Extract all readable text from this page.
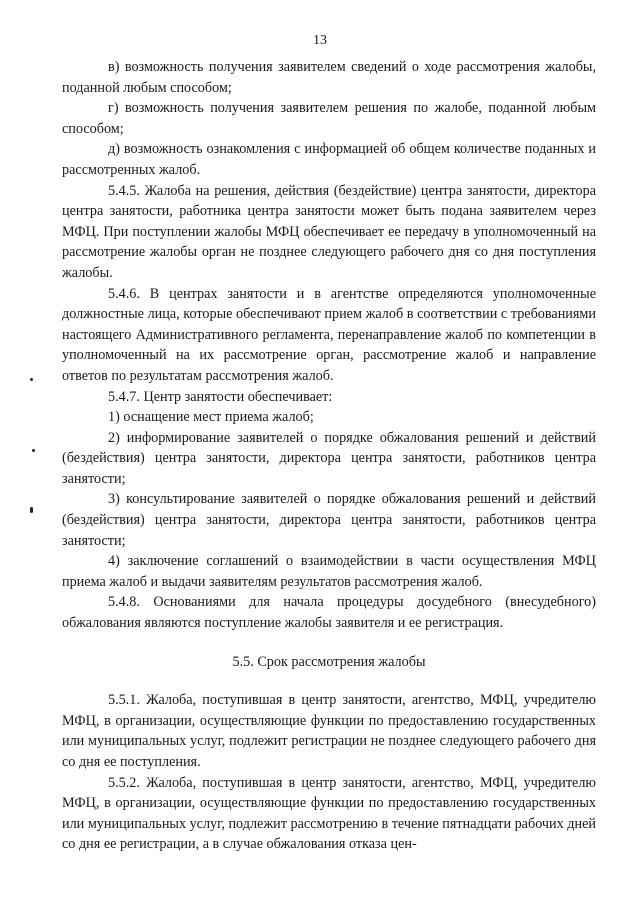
13

в) возможность получения заявителем сведений о ходе рассмотрения жалобы, поданной любым способом;

г) возможность получения заявителем решения по жалобе, поданной любым способом;

д) возможность ознакомления с информацией об общем количестве поданных и рассмотренных жалоб.

5.4.5. Жалоба на решения, действия (бездействие) центра занятости, директора центра занятости, работника центра занятости может быть подана заявителем через МФЦ. При поступлении жалобы МФЦ обеспечивает ее передачу в уполномоченный на рассмотрение жалобы орган не позднее следующего рабочего дня со дня поступления жалобы.

5.4.6. В центрах занятости и в агентстве определяются уполномоченные должностные лица, которые обеспечивают прием жалоб в соответствии с требованиями настоящего Административного регламента, перенаправление жалоб по компетенции в уполномоченный на их рассмотрение орган, рассмотрение жалоб и направление ответов по результатам рассмотрения жалоб.

5.4.7. Центр занятости обеспечивает:

1) оснащение мест приема жалоб;

2) информирование заявителей о порядке обжалования решений и действий (бездействия) центра занятости, директора центра занятости, работников центра занятости;

3) консультирование заявителей о порядке обжалования решений и действий (бездействия) центра занятости, директора центра занятости, работников центра занятости;

4) заключение соглашений о взаимодействии в части осуществления МФЦ приема жалоб и выдачи заявителям результатов рассмотрения жалоб.

5.4.8. Основаниями для начала процедуры досудебного (внесудебного) обжалования являются поступление жалобы заявителя и ее регистрация.

5.5. Срок рассмотрения жалобы

5.5.1. Жалоба, поступившая в центр занятости, агентство, МФЦ, учредителю МФЦ, в организации, осуществляющие функции по предоставлению государственных или муниципальных услуг, подлежит регистрации не позднее следующего рабочего дня со дня ее поступления.

5.5.2. Жалоба, поступившая в центр занятости, агентство, МФЦ, учредителю МФЦ, в организации, осуществляющие функции по предоставлению государственных или муниципальных услуг, подлежит рассмотрению в течение пятнадцати рабочих дней со дня ее регистрации, а в случае обжалования отказа цен-
